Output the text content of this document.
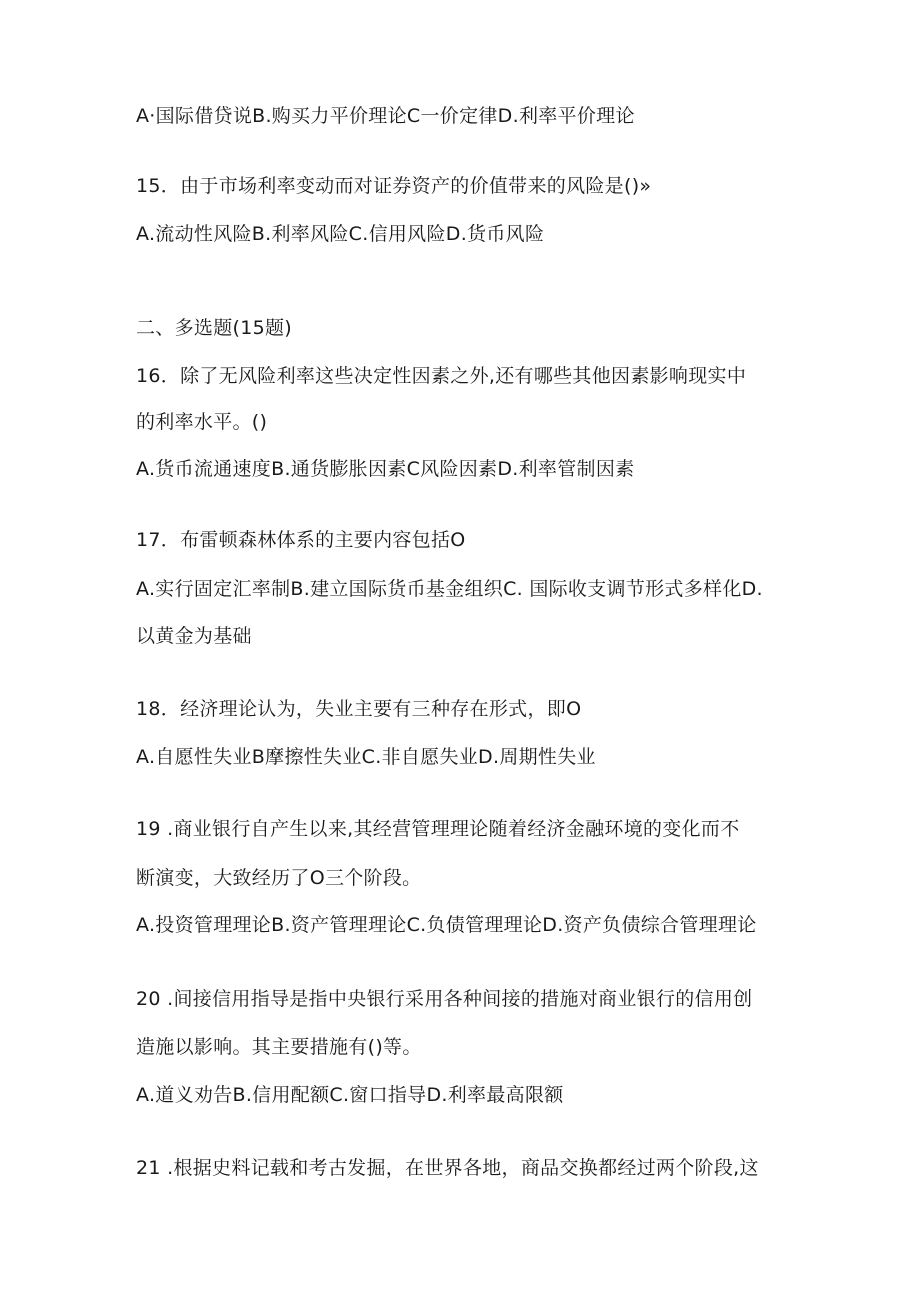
A·国际借贷说B.购买力平价理论C一价定律D.利率平价理论
15．由于市场利率变动而对证券资产的价值带来的风险是()»
A.流动性风险B.利率风险C.信用风险D.货币风险
二、多选题(15题)
16．除了无风险利率这些决定性因素之外,还有哪些其他因素影响现实中
的利率水平。()
A.货币流通速度B.通货膨胀因素C风险因素D.利率管制因素
17．布雷顿森林体系的主要内容包括O
A.实行固定汇率制B.建立国际货币基金组织C. 国际收支调节形式多样化D.
以黄金为基础
18．经济理论认为，失业主要有三种存在形式，即O
A.自愿性失业B摩擦性失业C.非自愿失业D.周期性失业
19 .商业银行自产生以来,其经营管理理论随着经济金融环境的变化而不
断演变，大致经历了O三个阶段。
A.投资管理理论B.资产管理理论C.负债管理理论D.资产负债综合管理理论
20 .间接信用指导是指中央银行采用各种间接的措施对商业银行的信用创
造施以影响。其主要措施有()等。
A.道义劝告B.信用配额C.窗口指导D.利率最高限额
21 .根据史料记载和考古发掘，在世界各地，商品交换都经过两个阶段,这
